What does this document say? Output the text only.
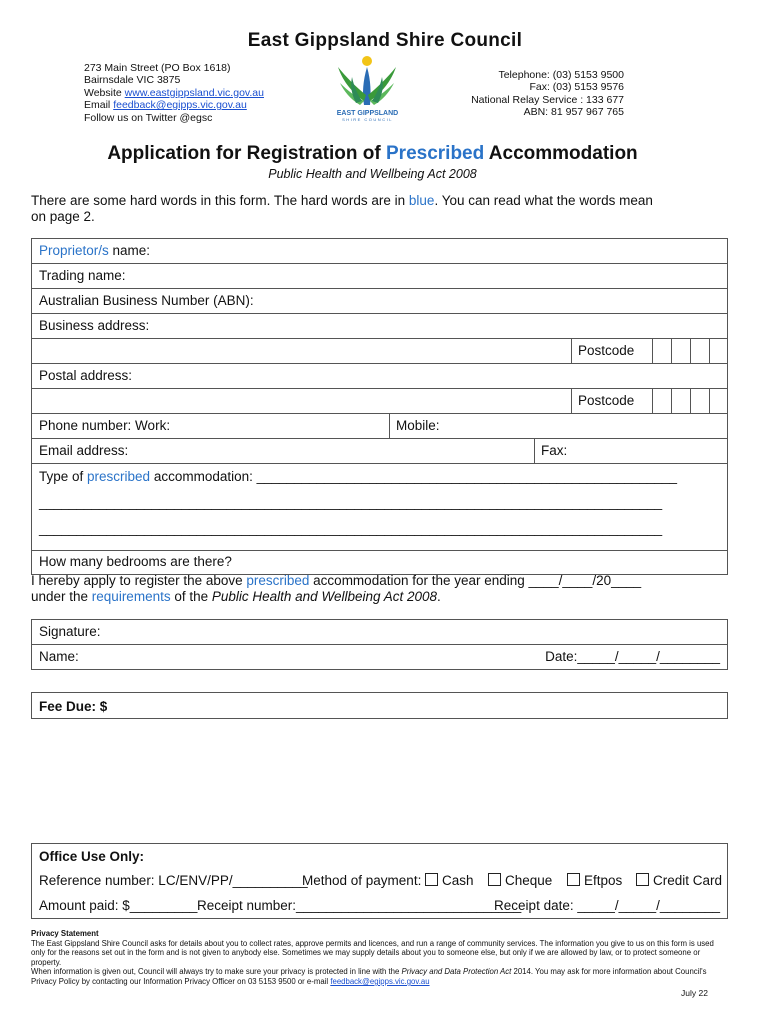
East Gippsland Shire Council
273 Main Street (PO Box 1618)
Bairnsdale VIC 3875
Website www.eastgippsland.vic.gov.au
Email feedback@egipps.vic.gov.au
Follow us on Twitter @egsc	EAST GIPPSLAND
SHIRE COUNCIL
Telephone: (03) 5153 9500
Fax: (03) 5153 9576
National Relay Service : 133 677
ABN: 81 957 967 765
Application for Registration of Prescribed Accommodation
Public Health and Wellbeing Act 2008
There are some hard words in this form. The hard words are in blue. You can read what the words mean on page 2.
Proprietor/s name:
Trading name:
Australian Business Number (ABN):
Business address:
Postcode
Postal address:
Postcode
Phone number: Work:	Mobile:
Email address:	Fax:
Type of prescribed accommodation: ________________________________________________________
___________________________________________________________________________________
___________________________________________________________________________________
How many bedrooms are there?
I hereby apply to register the above prescribed accommodation for the year ending ____/____/20____
under the requirements of the Public Health and Wellbeing Act 2008.
Signature:
Name:	Date:_____/_____/________
Fee Due: $
Office Use Only:
Reference number: LC/ENV/PP/__________
Method of payment:	Cash	Cheque	Eftpos	Credit Card
Amount paid: $_________ Receipt number:______________________________
Receipt date: _____/_____/________
Privacy Statement
The East Gippsland Shire Council asks for details about you to collect rates, approve permits and licences, and run a range of community services. The information you give to us on this form is used only for the reasons set out in the form and is not given to anybody else. Sometimes we may supply details about you to someone else, but only if we are allowed by law, or to protect someone or property.
When information is given out, Council will always try to make sure your privacy is protected in line with the Privacy and Data Protection Act 2014. You may ask for more information about Council's Privacy Policy by contacting our Information Privacy Officer on 03 5153 9500 or e-mail feedback@egipps.vic.gov.au
July 22
